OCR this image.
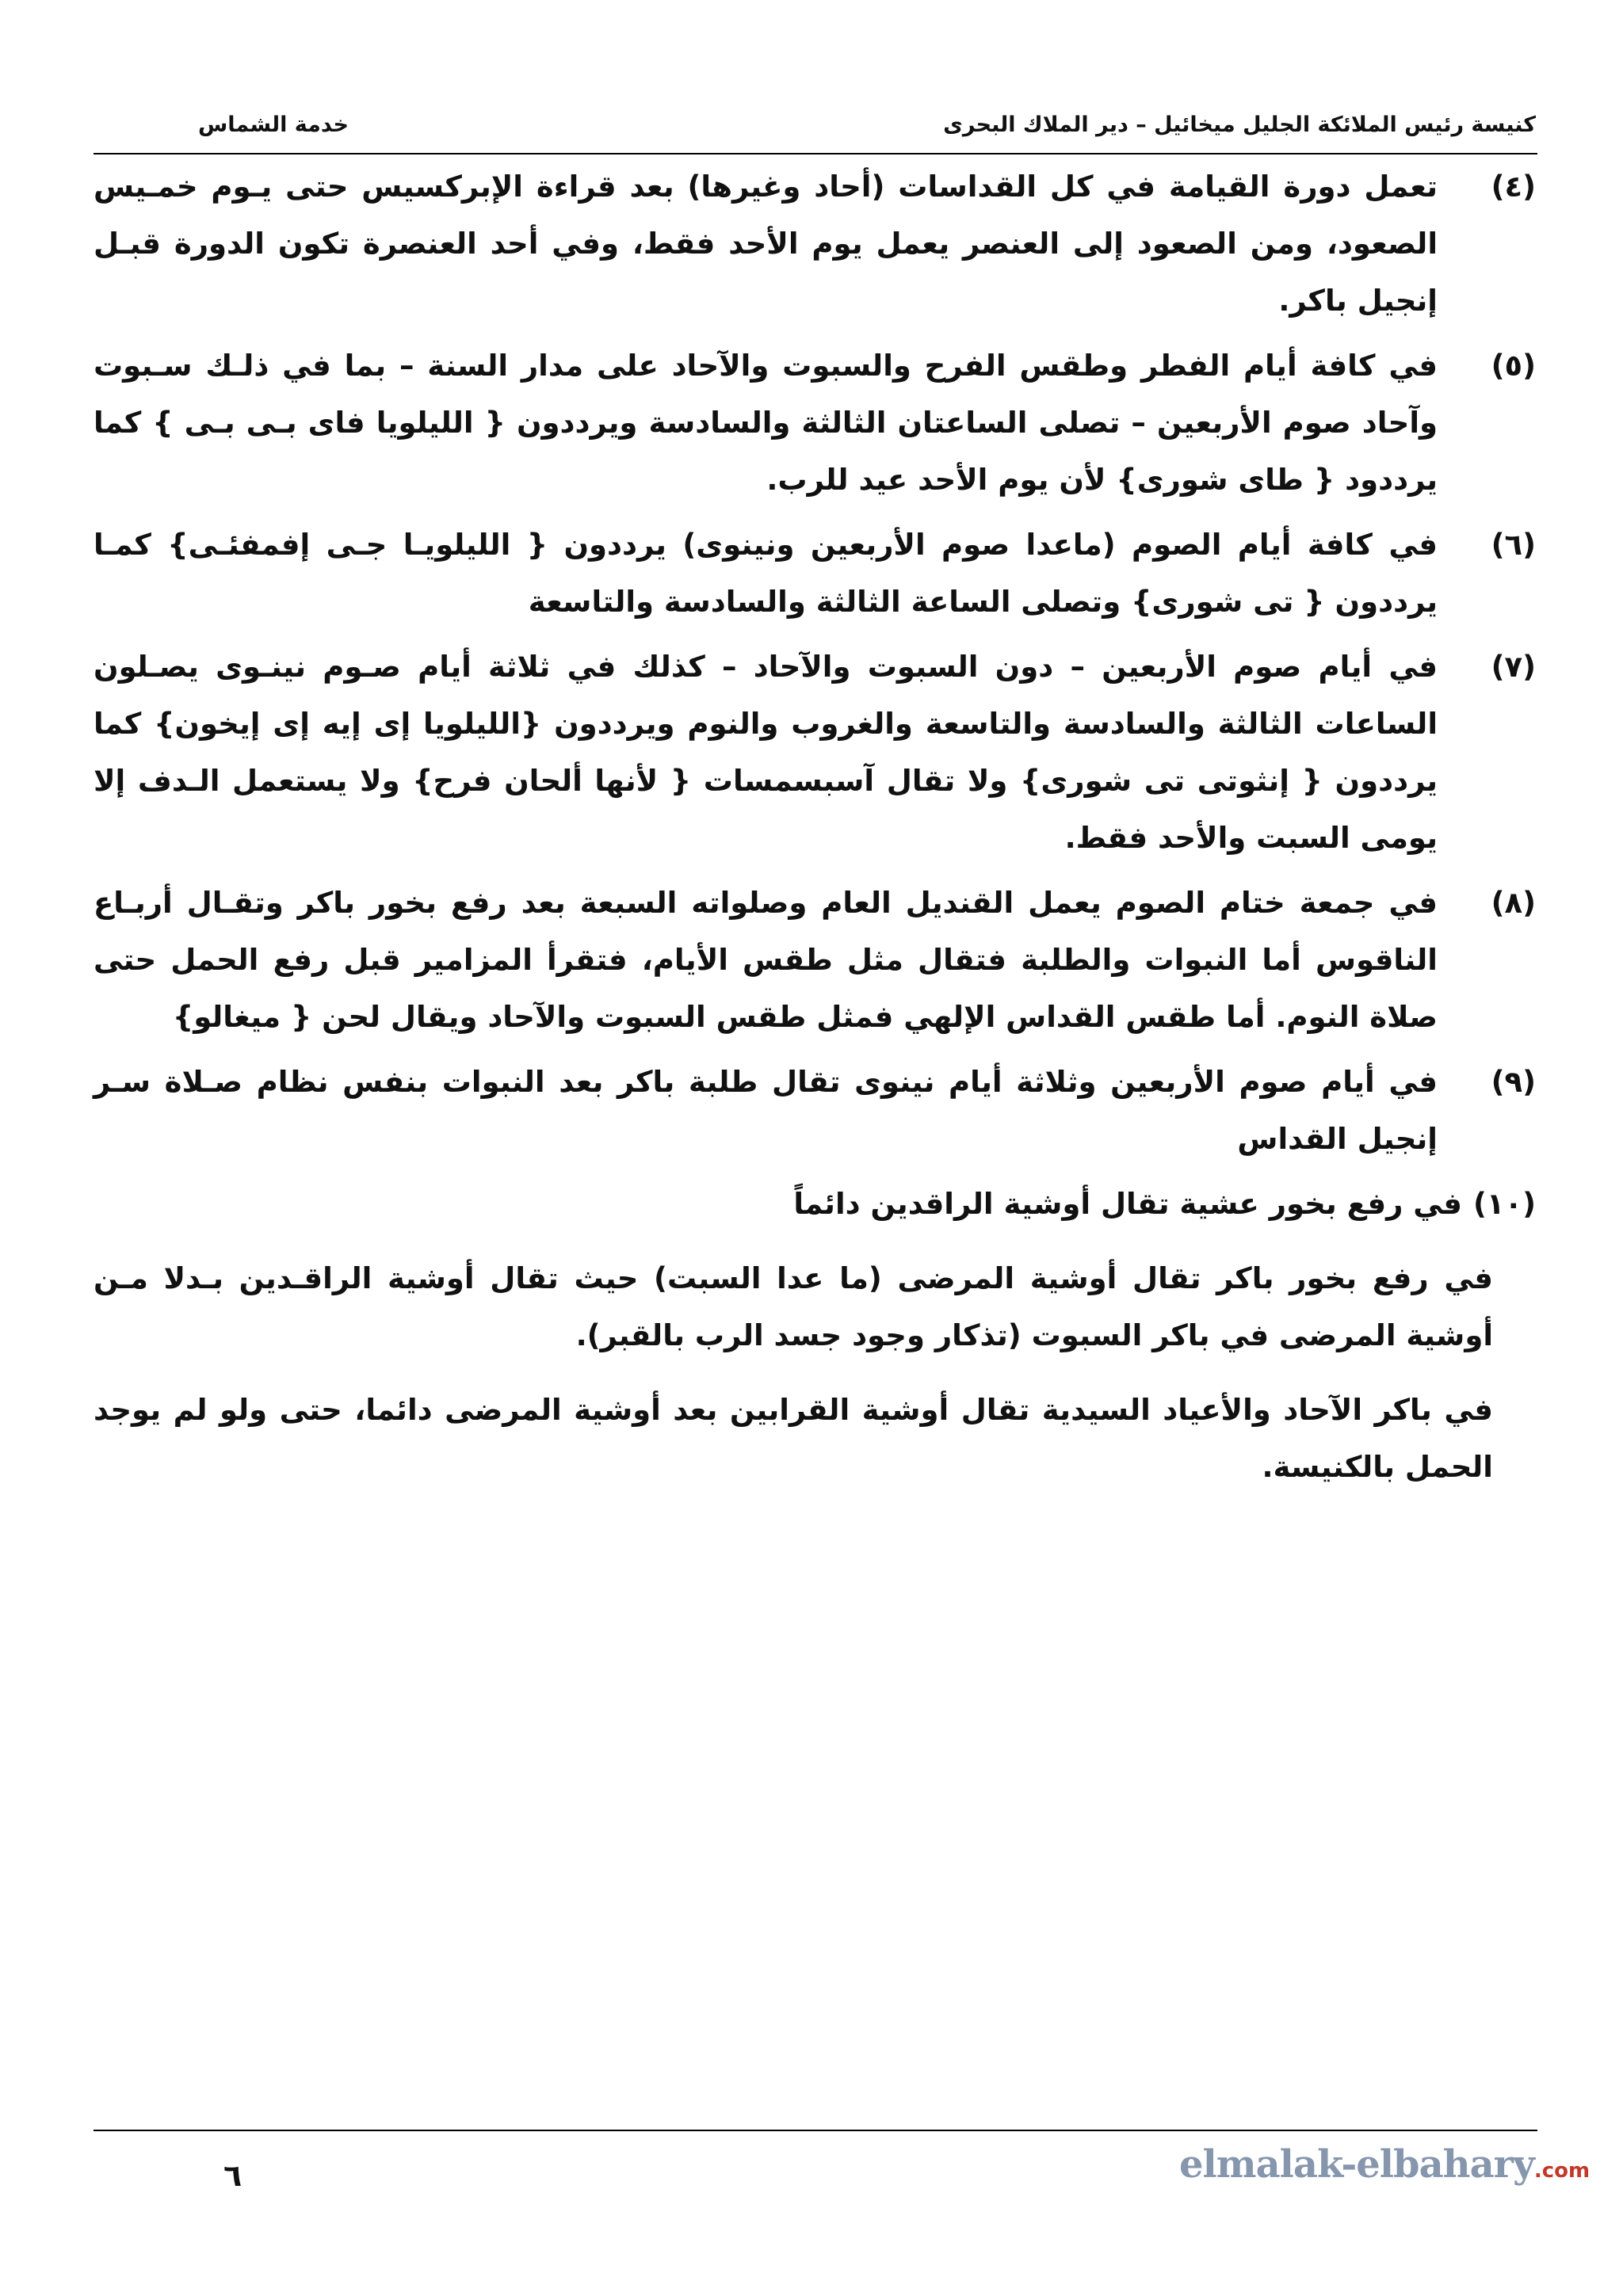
كنيسة رئيس الملائكة الجليل ميخائيل – دير الملاك البحرى
خدمة الشماس
(٤)
تعمل دورة القيامة في كل القداسات (أحاد وغيرها) بعد قراءة الإبركسيس حتى يـوم خمـيس الصعود، ومن الصعود إلى العنصر يعمل يوم الأحد فقط، وفي أحد العنصرة تكون الدورة قبـل إنجيل باكر.
(٥)
في كافة أيام الفطر وطقس الفرح والسبوت والآحاد على مدار السنة – بما في ذلـك سـبوت وآحاد صوم الأربعين – تصلى الساعتان الثالثة والسادسة ويرددون { الليلويا فاى بـى بـى } كما يرددود { طاى شورى} لأن يوم الأحد عيد للرب.
(٦)
في كافة أيام الصوم (ماعدا صوم الأربعين ونينوى) يرددون { الليلويـا جـى إفمفئـى} كمـا يرددون { تى شورى} وتصلى الساعة الثالثة والسادسة والتاسعة
(٧)
في أيام صوم الأربعين – دون السبوت والآحاد – كذلك في ثلاثة أيام صـوم نينـوى يصـلون الساعات الثالثة والسادسة والتاسعة والغروب والنوم ويرددون {الليلويا إى إيه إى إيخون} كما يرددون { إنثوتى تى شورى} ولا تقال آسبسمسات { لأنها ألحان فرح} ولا يستعمل الـدف إلا يومى السبت والأحد فقط.
(٨)
في جمعة ختام الصوم يعمل القنديل العام وصلواته السبعة بعد رفع بخور باكر وتقـال أربـاع الناقوس أما النبوات والطلبة فتقال مثل طقس الأيام، فتقرأ المزامير قبل رفع الحمل حتى صلاة النوم. أما طقس القداس الإلهي فمثل طقس السبوت والآحاد ويقال لحن { ميغالو}
(٩)
في أيام صوم الأربعين وثلاثة أيام نينوى تقال طلبة باكر بعد النبوات بنفس نظام صـلاة سـر إنجيل القداس
(١٠)في رفع بخور عشية تقال أوشية الراقدين دائماً
في رفع بخور باكر تقال أوشية المرضى (ما عدا السبت) حيث تقال أوشية الراقـدين بـدلا مـن أوشية المرضى في باكر السبوت (تذكار وجود جسد الرب بالقبر).
في باكر الآحاد والأعياد السيدية تقال أوشية القرابين بعد أوشية المرضى دائما، حتى ولو لم يوجد الحمل بالكنيسة.
٦	elmalak-elbahary.com
